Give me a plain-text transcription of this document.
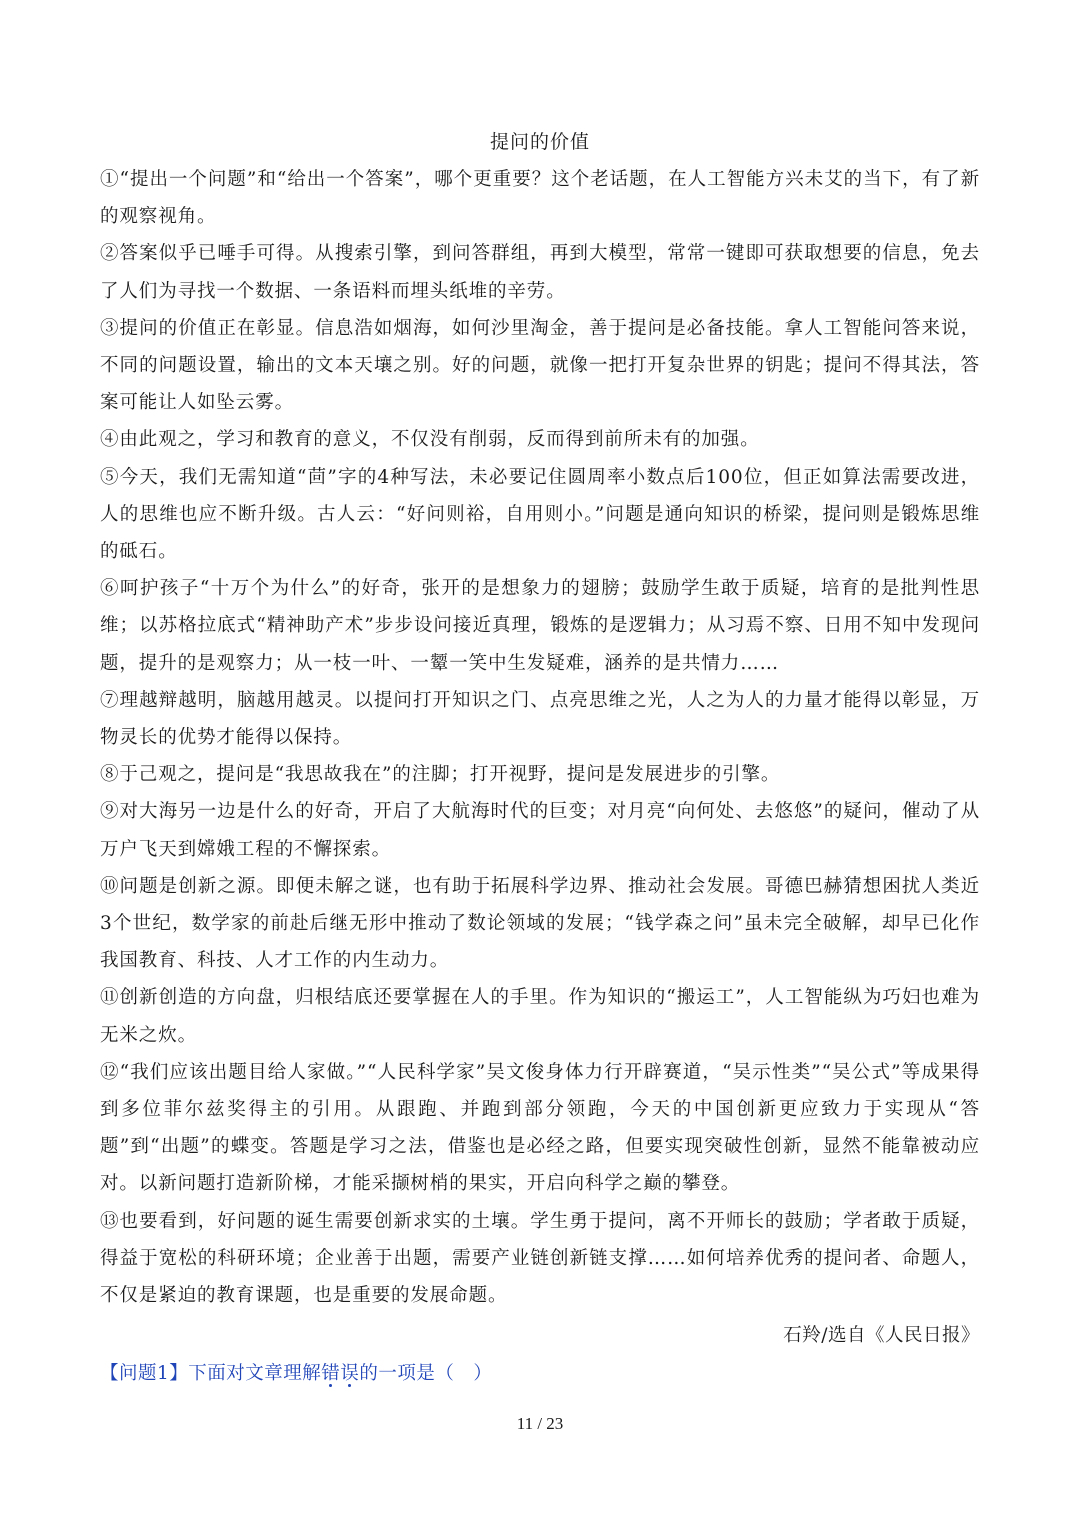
提问的价值

①“提出一个问题”和“给出一个答案”，哪个更重要？这个老话题，在人工智能方兴未艾的当下，有了新的观察视角。

②答案似乎已唾手可得。从搜索引擎，到问答群组，再到大模型，常常一键即可获取想要的信息，免去了人们为寻找一个数据、一条语料而埋头纸堆的辛劳。

③提问的价值正在彰显。信息浩如烟海，如何沙里淘金，善于提问是必备技能。拿人工智能问答来说，不同的问题设置，输出的文本天壤之别。好的问题，就像一把打开复杂世界的钥匙；提问不得其法，答案可能让人如坠云雾。

④由此观之，学习和教育的意义，不仅没有削弱，反而得到前所未有的加强。

⑤今天，我们无需知道“茴”字的4种写法，未必要记住圆周率小数点后100位，但正如算法需要改进，人的思维也应不断升级。古人云：“好问则裕，自用则小。”问题是通向知识的桥梁，提问则是锻炼思维的砥石。

⑥呵护孩子“十万个为什么”的好奇，张开的是想象力的翅膀；鼓励学生敢于质疑，培育的是批判性思维；以苏格拉底式“精神助产术”步步设问接近真理，锻炼的是逻辑力；从习焉不察、日用不知中发现问题，提升的是观察力；从一枝一叶、一颦一笑中生发疑难，涵养的是共情力……

⑦理越辩越明，脑越用越灵。以提问打开知识之门、点亮思维之光，人之为人的力量才能得以彰显，万物灵长的优势才能得以保持。

⑧于己观之，提问是“我思故我在”的注脚；打开视野，提问是发展进步的引擎。

⑨对大海另一边是什么的好奇，开启了大航海时代的巨变；对月亮“向何处、去悠悠”的疑问，催动了从万户飞天到嫦娥工程的不懈探索。

⑩问题是创新之源。即便未解之谜，也有助于拓展科学边界、推动社会发展。哥德巴赫猜想困扰人类近3个世纪，数学家的前赴后继无形中推动了数论领域的发展；“钱学森之问”虽未完全破解，却早已化作我国教育、科技、人才工作的内生动力。

⑪创新创造的方向盘，归根结底还要掌握在人的手里。作为知识的“搬运工”，人工智能纵为巧妇也难为无米之炊。

⑫“我们应该出题目给人家做。”“人民科学家”吴文俊身体力行开辟赛道，“吴示性类”“吴公式”等成果得到多位菲尔兹奖得主的引用。从跟跑、并跑到部分领跑，今天的中国创新更应致力于实现从“答题”到“出题”的蝶变。答题是学习之法，借鉴也是必经之路，但要实现突破性创新，显然不能靠被动应对。以新问题打造新阶梯，才能采撷树梢的果实，开启向科学之巅的攀登。

⑬也要看到，好问题的诞生需要创新求实的土壤。学生勇于提问，离不开师长的鼓励；学者敢于质疑，得益于宽松的科研环境；企业善于出题，需要产业链创新链支撑……如何培养优秀的提问者、命题人，不仅是紧迫的教育课题，也是重要的发展命题。

石羚/选自《人民日报》

【问题1】下面对文章理解错误的一项是（　）

11 / 23
